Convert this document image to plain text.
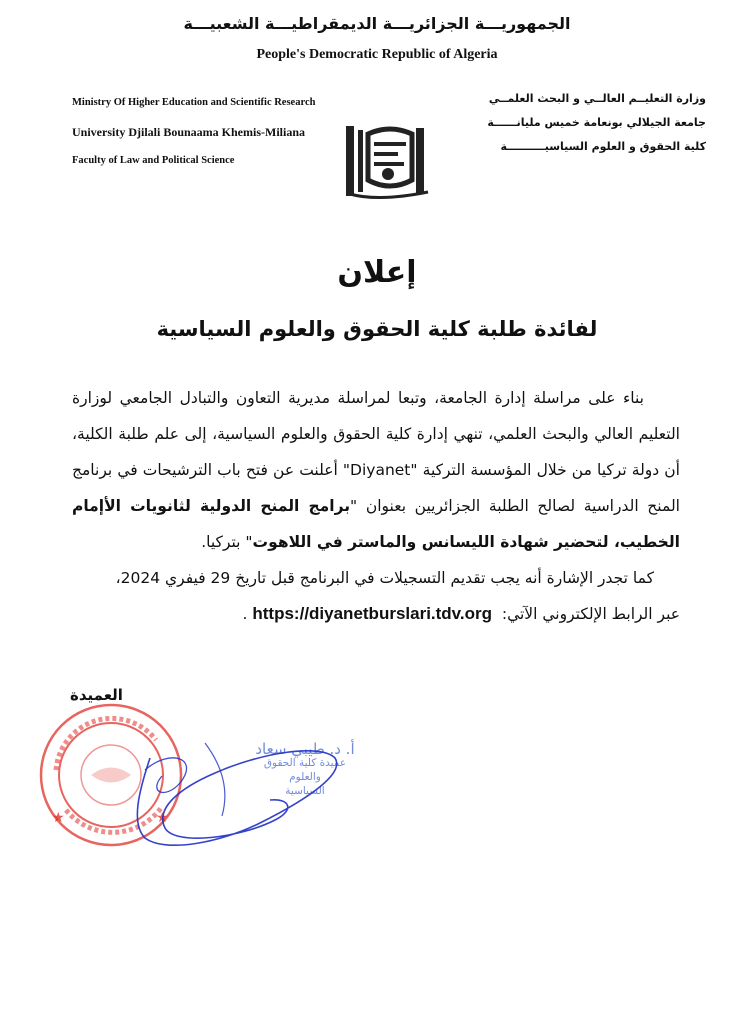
الجمهوريـــة الجزائريـــة الديمقراطيـــة الشعبيـــة
People's Democratic Republic of Algeria
Ministry Of Higher Education and Scientific Research
University Djilali Bounaama Khemis-Miliana
Faculty of Law and Political Science
وزارة التعليــم العالــي و البحث العلمــي
جامعة الجيلالي بونعامة خميس مليانــــــة
كلية الحقوق و العلوم السياسيــــــــــة
إعلان
لفائدة طلبة كلية الحقوق والعلوم السياسية

بناء على مراسلة إدارة الجامعة، وتبعا لمراسلة مديرية التعاون والتبادل الجامعي لوزارة التعليم العالي والبحث العلمي، تنهي إدارة كلية الحقوق والعلوم السياسية، إلى علم طلبة الكلية، أن دولة تركيا من خلال المؤسسة التركية "Diyanet" أعلنت عن فتح باب الترشيحات في برنامج المنح الدراسية لصالح الطلبة الجزائريين بعنوان "برامج المنح الدولية لثانويات الأإمام الخطيب، لتحضير شهادة الليسانس والماستر في اللاهوت" بتركيا.

كما تجدر الإشارة أنه يجب تقديم التسجيلات في البرنامج قبل تاريخ 29 فيفري 2024،

عبر الرابط الإلكتروني الآتي:  https://diyanetburslari.tdv.org .

العميدة
★	★
أ. د. طيبي سعاد
عميدة كلية الحقوق والعلوم
السياسية
